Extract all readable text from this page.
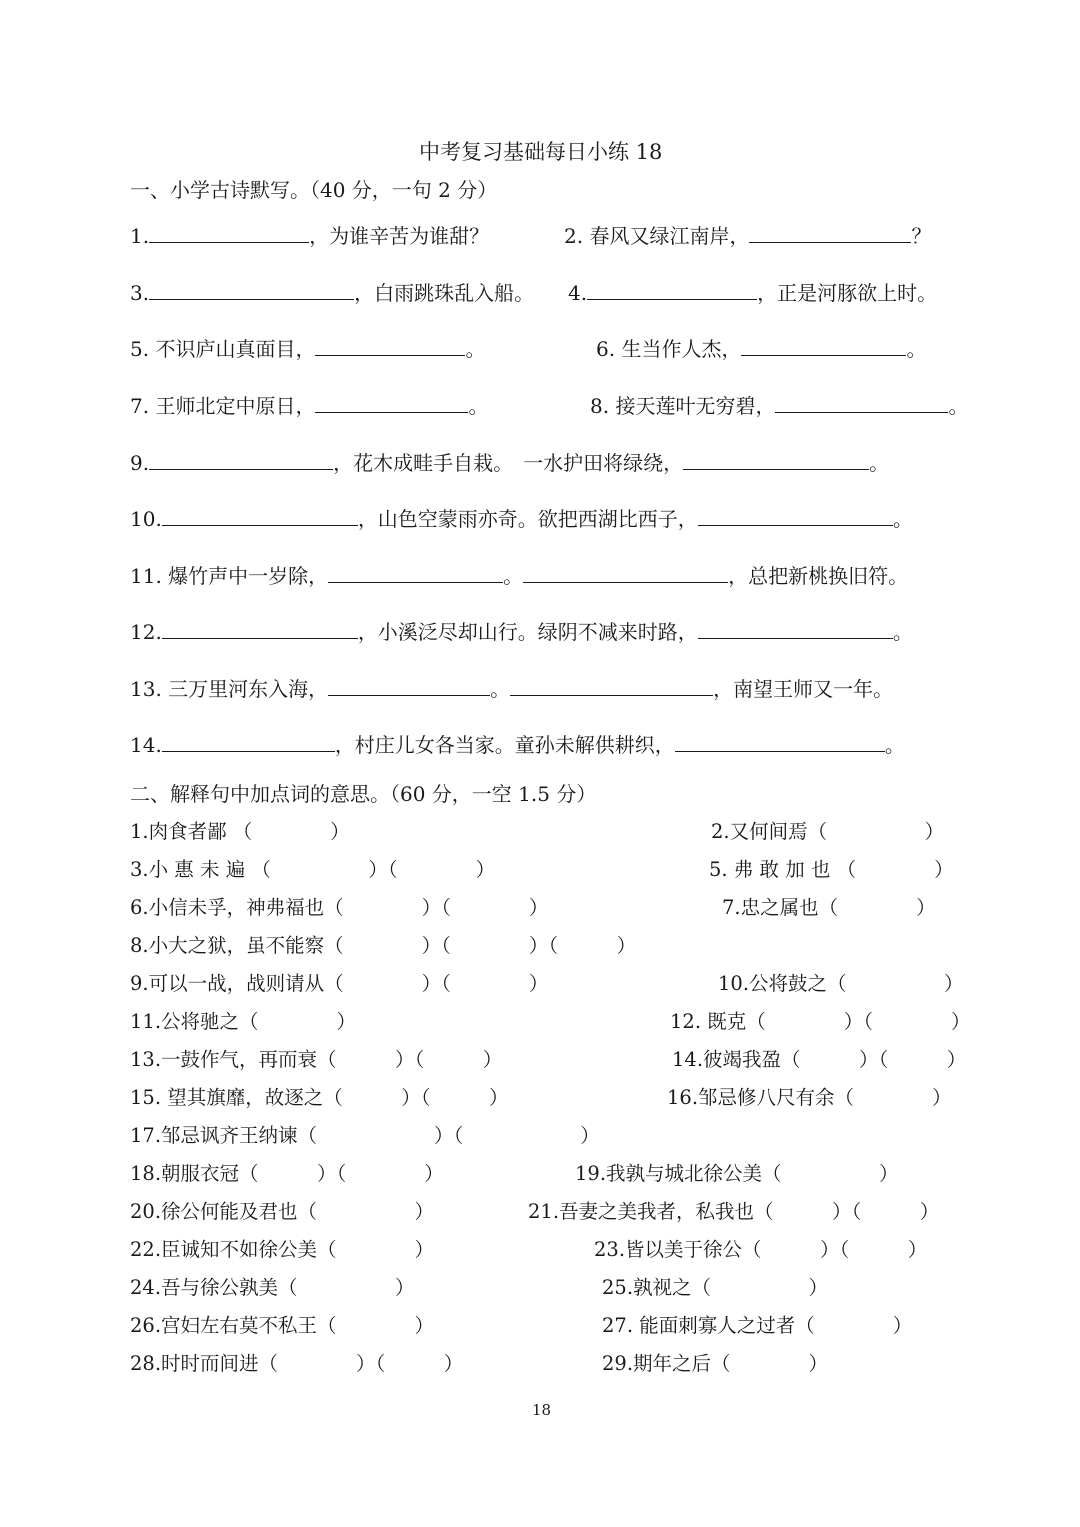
中考复习基础每日小练 18
一、小学古诗默写。（40 分，一句 2 分）
1.	，为谁辛苦为谁甜？	2. 春风又绿江南岸，	？
3.	，白雨跳珠乱入船。 4.	，正是河豚欲上时。
5. 不识庐山真面目，	。	6. 生当作人杰，	。
7. 王师北定中原日，	。	8. 接天莲叶无穷碧，	。
9.	，花木成畦手自栽。　一水护田将绿绕，	。
10.	，山色空蒙雨亦奇。欲把西湖比西子，	。
11. 爆竹声中一岁除，	。	，总把新桃换旧符。
12.	，小溪泛尽却山行。绿阴不减来时路，	。
13. 三万里河东入海，	。	，南望王师又一年。
14.	，村庄儿女各当家。童孙未解供耕织，	。
二、解释句中加点词的意思。（60 分，一空 1.5 分）
1.肉食者鄙 （　　　　）	2.又何间焉（　　　　　）
3.小 惠 未 遍 （　　　　　）（　　　　）	5. 弗 敢 加 也 （　　　　）
6.小信未孚，神弗福也（　　　　）（　　　　）	7.忠之属也（　　　　）
8.小大之狱，虽不能察（　　　　）（　　　　）（　　　）
9.可以一战，战则请从（　　　　）（　　　　）	10.公将鼓之（　　　　　）
11.公将驰之（　　　　）	12. 既克（　　　　）（　　　　）
13.一鼓作气，再而衰（　　　）（　　　）	14.彼竭我盈（　　　）（　　　）
15. 望其旗靡，故逐之（　　　）（　　　）	16.邹忌修八尺有余（　　　　）
17.邹忌讽齐王纳谏（　　　　　　）（　　　　　　）
18.朝服衣冠（　　　）（　　　　）	19.我孰与城北徐公美（　　　　　）
20.徐公何能及君也（　　　　　）	21.吾妻之美我者，私我也（　　　）（　　　）
22.臣诚知不如徐公美（　　　　）	23.皆以美于徐公（　　　）（　　　）
24.吾与徐公孰美（　　　　　）	25.孰视之（　　　　　）
26.宫妇左右莫不私王（　　　　）	27. 能面刺寡人之过者（　　　　）
28.时时而间进（　　　　）（　　　）	29.期年之后（　　　　）
18
